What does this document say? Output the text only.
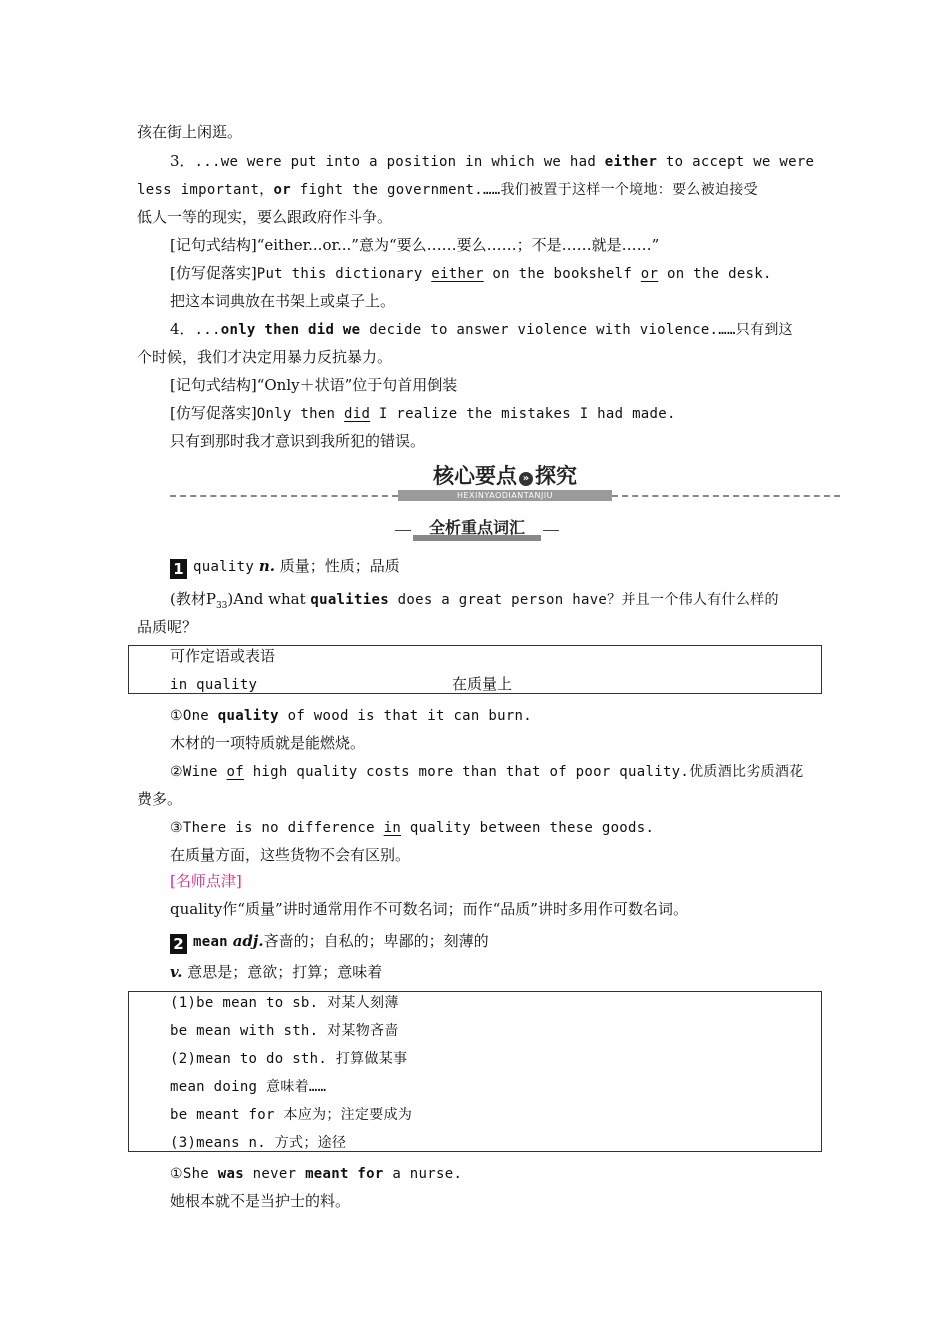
孩在街上闲逛。
3．...we were put into a position in which we had either to accept we were
less important，or fight the government.……我们被置于这样一个境地：要么被迫接受
低人一等的现实，要么跟政府作斗争。
[记句式结构]“either...or...”意为“要么……要么……；不是……就是……”
[仿写促落实]Put this dictionary either on the bookshelf or on the desk.
把这本词典放在书架上或桌子上。
4．...only then did we decide to answer violence with violence.……只有到这
个时候，我们才决定用暴力反抗暴力。
[记句式结构]“Only＋状语”位于句首用倒装
[仿写促落实]Only then did I realize the mistakes I had made.
只有到那时我才意识到我所犯的错误。
核心要点 » 探究
HEXINYAODIANTANJIU
全析重点词汇
1 quality n. 质量；性质；品质
(教材$P_{33})And$ what qualities does a great person have？并且一个伟人有什么样的
品质呢？
可作定语或表语
in quality	在质量上
①One quality of wood is that it can burn.
木材的一项特质就是能燃烧。
②Wine of high quality costs more than that of poor quality.优质酒比劣质酒花
费多。
③There is no difference in quality between these goods.
在质量方面，这些货物不会有区别。
[名师点津]
quality作“质量”讲时通常用作不可数名词；而作“品质”讲时多用作可数名词。
2 mean adj.吝啬的；自私的；卑鄙的；刻薄的
v. 意思是；意欲；打算；意味着
(1)be mean to sb. 对某人刻薄
be mean with sth. 对某物吝啬
(2)mean to do sth. 打算做某事
mean doing 意味着……
be meant for 本应为；注定要成为
(3)means n. 方式；途径
①She was never meant for a nurse.
她根本就不是当护士的料。
